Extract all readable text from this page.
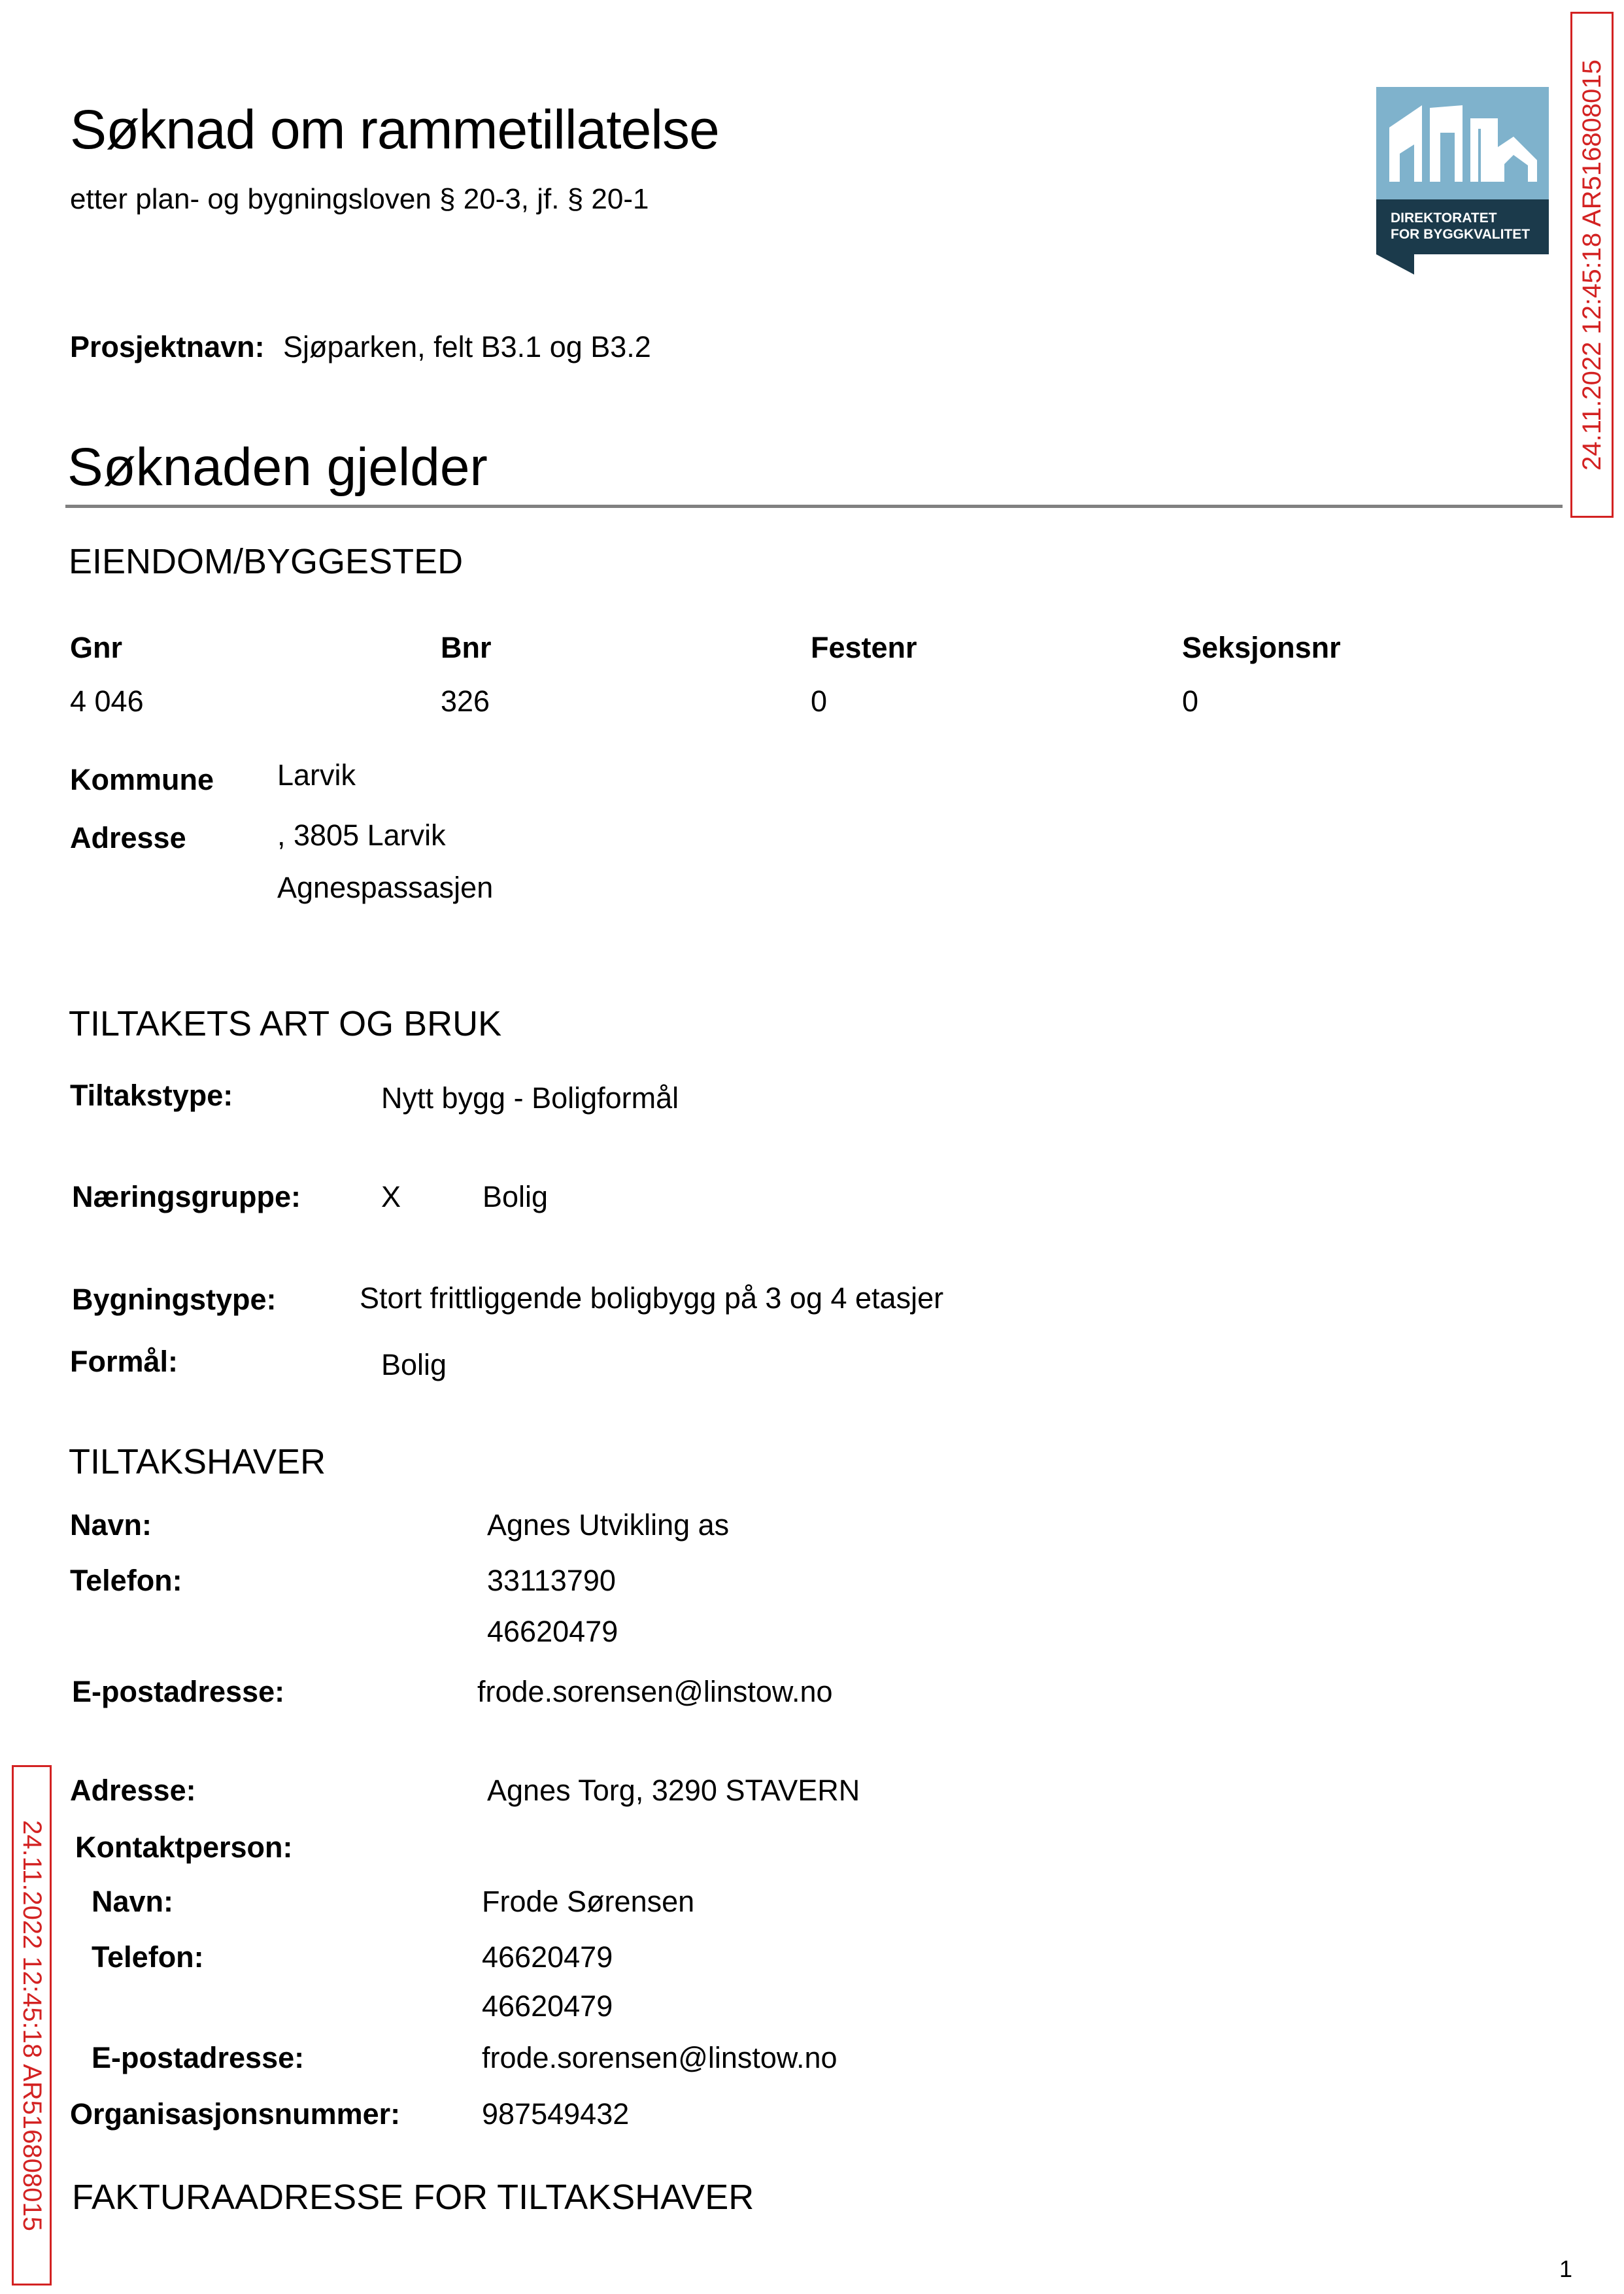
Søknad om rammetillatelse
etter plan- og bygningsloven § 20-3, jf. § 20-1
DIREKTORATET
FOR BYGGKVALITET 24.11.2022 12:45:18 AR516808015
24.11.2022 12:45:18 AR516808015
Prosjektnavn: Sjøparken, felt B3.1 og B3.2
Søknaden gjelder
EIENDOM/BYGGESTED
Gnr	Bnr	Festenr	Seksjonsnr
4 046	326	0	0
Kommune Larvik
Adresse	, 3805 Larvik
Agnespassasjen
TILTAKETS ART OG BRUK
Tiltakstype:	Nytt bygg - Boligformål
Næringsgruppe:	X	Bolig
Bygningstype:	Stort frittliggende boligbygg på 3 og 4 etasjer
Formål:	Bolig
TILTAKSHAVER
Navn:	Agnes Utvikling as
Telefon:	33113790
46620479
E-postadresse:	frode.sorensen@linstow.no
Adresse:	Agnes Torg, 3290 STAVERN
Kontaktperson:
Navn:	Frode Sørensen
Telefon:	46620479
46620479
E-postadresse:	frode.sorensen@linstow.no
Organisasjonsnummer:	987549432
FAKTURAADRESSE FOR TILTAKSHAVER
1
